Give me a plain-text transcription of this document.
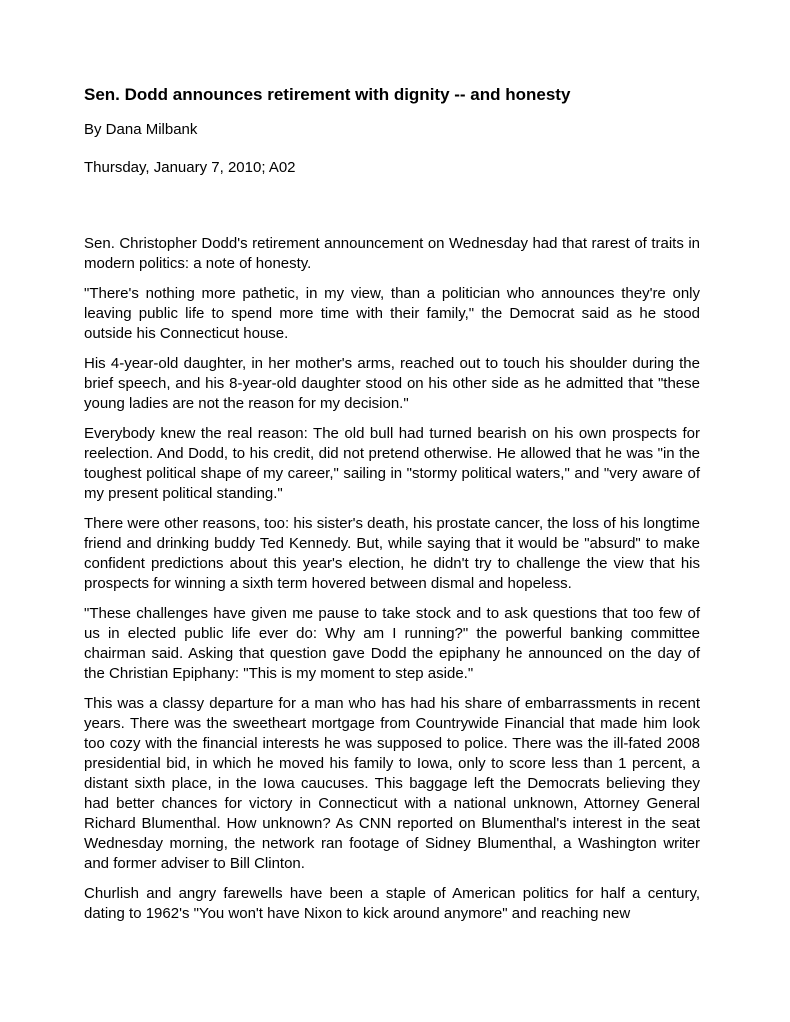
Sen. Dodd announces retirement with dignity -- and honesty

By Dana Milbank

Thursday, January 7, 2010; A02

Sen. Christopher Dodd's retirement announcement on Wednesday had that rarest of traits in modern politics: a note of honesty.

"There's nothing more pathetic, in my view, than a politician who announces they're only leaving public life to spend more time with their family," the Democrat said as he stood outside his Connecticut house.

His 4-year-old daughter, in her mother's arms, reached out to touch his shoulder during the brief speech, and his 8-year-old daughter stood on his other side as he admitted that "these young ladies are not the reason for my decision."

Everybody knew the real reason: The old bull had turned bearish on his own prospects for reelection. And Dodd, to his credit, did not pretend otherwise. He allowed that he was "in the toughest political shape of my career," sailing in "stormy political waters," and "very aware of my present political standing."

There were other reasons, too: his sister's death, his prostate cancer, the loss of his longtime friend and drinking buddy Ted Kennedy. But, while saying that it would be "absurd" to make confident predictions about this year's election, he didn't try to challenge the view that his prospects for winning a sixth term hovered between dismal and hopeless.

"These challenges have given me pause to take stock and to ask questions that too few of us in elected public life ever do: Why am I running?" the powerful banking committee chairman said. Asking that question gave Dodd the epiphany he announced on the day of the Christian Epiphany: "This is my moment to step aside."

This was a classy departure for a man who has had his share of embarrassments in recent years. There was the sweetheart mortgage from Countrywide Financial that made him look too cozy with the financial interests he was supposed to police. There was the ill-fated 2008 presidential bid, in which he moved his family to Iowa, only to score less than 1 percent, a distant sixth place, in the Iowa caucuses. This baggage left the Democrats believing they had better chances for victory in Connecticut with a national unknown, Attorney General Richard Blumenthal. How unknown? As CNN reported on Blumenthal's interest in the seat Wednesday morning, the network ran footage of Sidney Blumenthal, a Washington writer and former adviser to Bill Clinton.

Churlish and angry farewells have been a staple of American politics for half a century, dating to 1962's "You won't have Nixon to kick around anymore" and reaching new
